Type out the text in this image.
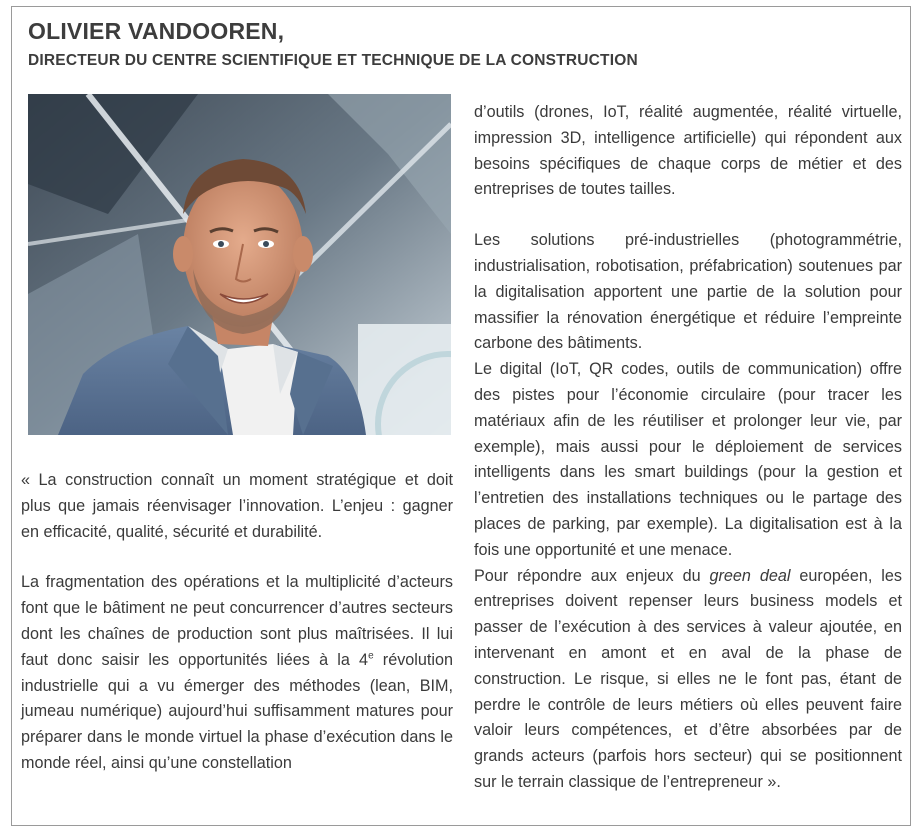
OLIVIER VANDOOREN,
DIRECTEUR DU CENTRE SCIENTIFIQUE ET TECHNIQUE DE LA CONSTRUCTION

« La construction connaît un moment stratégique et doit plus que jamais réenvisager l’innovation. L’enjeu : gagner en efficacité, qualité, sécurité et durabilité.

La fragmentation des opérations et la multiplicité d’acteurs font que le bâtiment ne peut concurrencer d’autres secteurs dont les chaînes de production sont plus maîtrisées. Il lui faut donc saisir les opportunités liées à la 4e révolution industrielle qui a vu émerger des méthodes (lean, BIM, jumeau numérique) aujourd’hui suffisamment matures pour préparer dans le monde virtuel la phase d’exécution dans le monde réel, ainsi qu’une constellation

d’outils (drones, IoT, réalité augmentée, réalité virtuelle, impression 3D, intelligence artificielle) qui répondent aux besoins spécifiques de chaque corps de métier et des entreprises de toutes tailles.

Les solutions pré-industrielles (photogrammétrie, industrialisation, robotisation, préfabrication) soutenues par la digitalisation apportent une partie de la solution pour massifier la rénovation énergétique et réduire l’empreinte carbone des bâtiments.

Le digital (IoT, QR codes, outils de communication) offre des pistes pour l’économie circulaire (pour tracer les matériaux afin de les réutiliser et prolonger leur vie, par exemple), mais aussi pour le déploiement de services intelligents dans les smart buildings (pour la gestion et l’entretien des installations techniques ou le partage des places de parking, par exemple). La digitalisation est à la fois une opportunité et une menace.

Pour répondre aux enjeux du green deal européen, les entreprises doivent repenser leurs business models et passer de l’exécution à des services à valeur ajoutée, en intervenant en amont et en aval de la phase de construction. Le risque, si elles ne le font pas, étant de perdre le contrôle de leurs métiers où elles peuvent faire valoir leurs compétences, et d’être absorbées par de grands acteurs (parfois hors secteur) qui se positionnent sur le terrain classique de l’entrepreneur ».
